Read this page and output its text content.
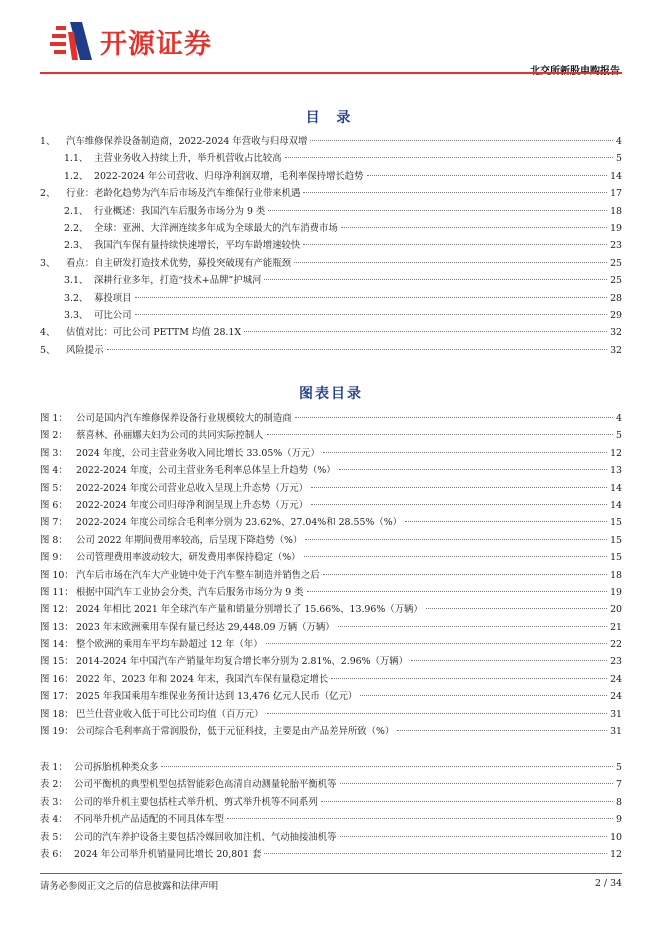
开源证券
目 录
1、	汽车维修保养设备制造商，2022-2024 年营收与归母双增	4
1.1、 主营业务收入持续上升，举升机营收占比较高	5
1.2、 2022-2024 年公司营收、归母净利润双增，毛利率保持增长趋势	14
2、	行业：老龄化趋势为汽车后市场及汽车维保行业带来机遇	17
2.1、 行业概述：我国汽车后服务市场分为 9 类	18
2.2、 全球：亚洲、大洋洲连续多年成为全球最大的汽车消费市场	19
2.3、 我国汽车保有量持续快速增长，平均车龄增速较快	23
3、	看点：自主研发打造技术优势，募投突破现有产能瓶颈	25
3.1、 深耕行业多年，打造“技术+品牌”护城河	25
3.2、 募投项目	28
3.3、 可比公司	29
4、	估值对比：可比公司 PETTM 均值 28.1X	32
5、	风险提示	32
图表目录
图 1： 公司是国内汽车维修保养设备行业规模较大的制造商	4
图 2： 蔡喜林、孙丽娜夫妇为公司的共同实际控制人	5
图 3： 2024 年度，公司主营业务收入同比增长 33.05%（万元）	12
图 4： 2022-2024 年度，公司主营业务毛利率总体呈上升趋势（%）	13
图 5： 2022-2024 年度公司营业总收入呈现上升态势（万元）	14
图 6： 2022-2024 年度公司归母净利润呈现上升态势（万元）	14
图 7： 2022-2024 年度公司综合毛利率分别为 23.62%、27.04%和 28.55%（%）	15
图 8： 公司 2022 年期间费用率较高，后呈现下降趋势（%）	15
图 9： 公司管理费用率波动较大，研发费用率保持稳定（%）	15
图 10： 汽车后市场在汽车大产业链中处于汽车整车制造并销售之后	18
图 11： 根据中国汽车工业协会分类，汽车后服务市场分为 9 类	19
图 12： 2024 年相比 2021 年全球汽车产量和销量分别增长了 15.66%、13.96%（万辆）	20
图 13： 2023 年末欧洲乘用车保有量已经达 29,448.09 万辆（万辆）	21
图 14： 整个欧洲的乘用车平均车龄超过 12 年（年）	22
图 15： 2014-2024 年中国汽车产销量年均复合增长率分别为 2.81%、2.96%（万辆）	23
图 16： 2022 年、2023 年和 2024 年末，我国汽车保有量稳定增长	24
图 17： 2025 年我国乘用车维保业务预计达到 13,476 亿元人民币（亿元）	24
图 18： 巴兰仕营业收入低于可比公司均值（百万元）	31
图 19： 公司综合毛利率高于常润股份，低于元征科技，主要是由产品差异所致（%）	31
表 1： 公司拆胎机种类众多	5
表 2： 公司平衡机的典型机型包括智能彩色高清自动测量轮胎平衡机等	7
表 3： 公司的举升机主要包括柱式举升机、剪式举升机等不同系列	8
表 4： 不同举升机产品适配的不同具体车型	9
表 5： 公司的汽车养护设备主要包括冷媒回收加注机、气动抽接油机等	10
表 6： 2024 年公司举升机销量同比增长 20,801 套	12
请务必参阅正文之后的信息披露和法律声明	2 / 34
